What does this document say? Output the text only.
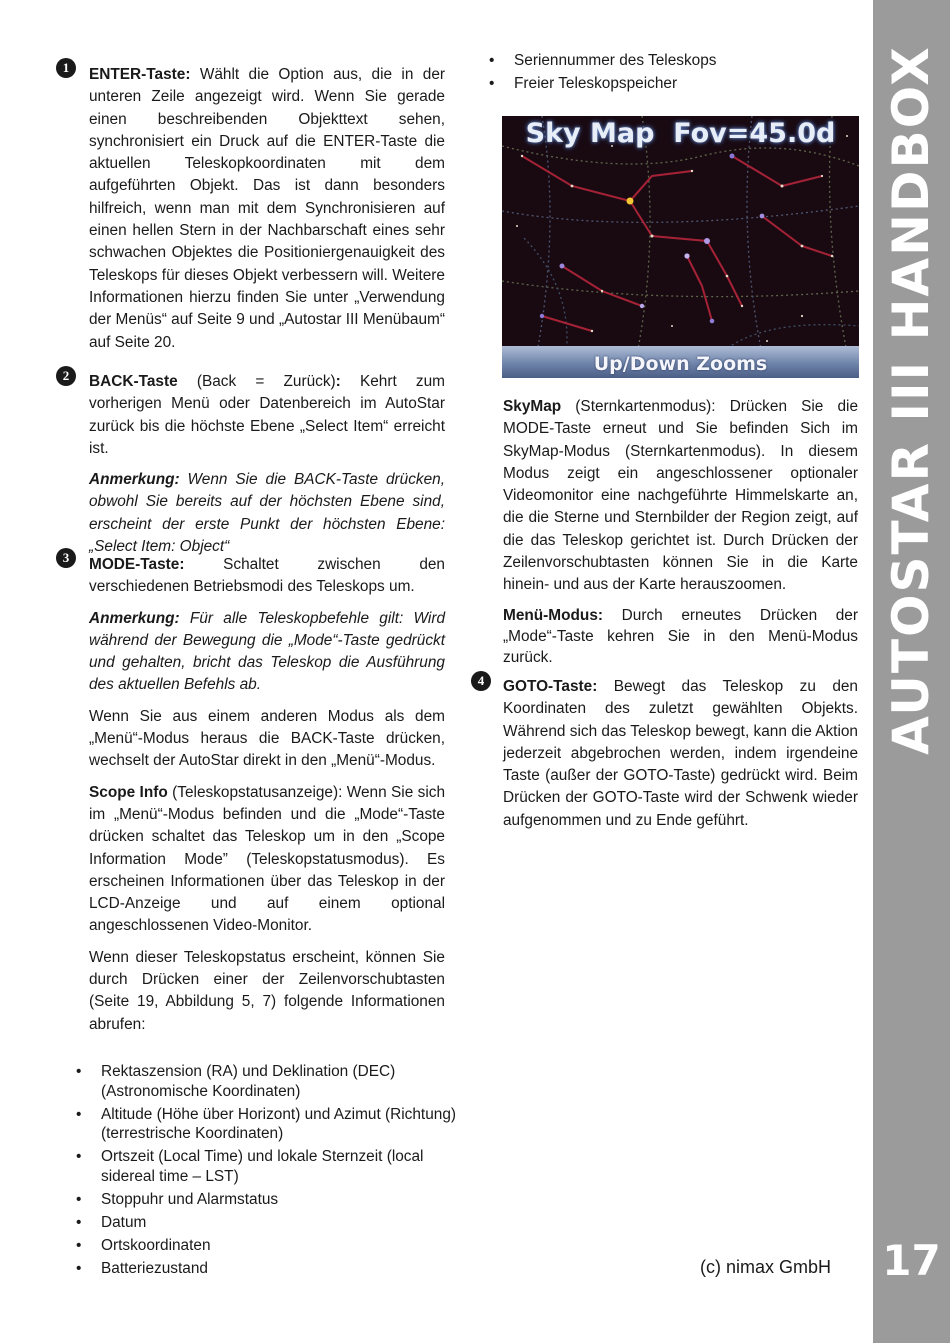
AUTOSTAR III HANDBOX
17
1	ENTER-Taste: Wählt die Option aus, die in der unteren Zeile angezeigt wird. Wenn Sie gerade einen beschreibenden Objekttext sehen, synchronisiert ein Druck auf die ENTER-Taste die aktuellen Teleskopkoordinaten mit dem aufgeführten Objekt. Das ist dann besonders hilfreich, wenn man mit dem Synchronisieren auf einen hellen Stern in der Nachbarschaft eines sehr schwachen Objektes die Positioniergenauigkeit des Teleskops für dieses Objekt verbessern will. Weitere Informationen hierzu finden Sie unter „Verwendung der Menüs“ auf Seite 9 und „Autostar III Menübaum“ auf Seite 20.

2	BACK-Taste (Back = Zurück): Kehrt zum vorherigen Menü oder Datenbereich im AutoStar zurück bis die höchste Ebene „Select Item“ erreicht ist.

Anmerkung: Wenn Sie die BACK-Taste drücken, obwohl Sie bereits auf der höchsten Ebene sind, erscheint der erste Punkt der höchsten Ebene: „Select Item: Object“

3	MODE-Taste:	Schaltet zwischen den verschiedenen Betriebsmodi des Teleskops um.

Anmerkung: Für alle Teleskopbefehle gilt: Wird während der Bewegung die „Mode“-Taste gedrückt und gehalten, bricht das Teleskop die Ausführung des aktuellen Befehls ab.

Wenn Sie aus einem anderen Modus als dem „Menü“-Modus heraus die BACK-Taste drücken, wechselt der AutoStar direkt in den „Menü“-Modus.

Scope Info (Teleskopstatusanzeige): Wenn Sie sich im „Menü“-Modus befinden und die „Mode“-Taste drücken schaltet das Teleskop um in den „Scope Information Mode” (Teleskopstatusmodus). Es erscheinen Informationen über das Teleskop in der LCD-Anzeige und auf einem optional angeschlossenen Video-Monitor.

Wenn dieser Teleskopstatus erscheint, können Sie durch Drücken einer der Zeilenvorschubtasten (Seite 19, Abbildung 5, 7) folgende Informationen abrufen:

• Rektaszension (RA) und Deklination (DEC) (Astronomische Koordinaten)
• Altitude (Höhe über Horizont) und Azimut (Richtung) (terrestrische Koordinaten)
• Ortszeit (Local Time) und lokale Sternzeit (local sidereal time – LST)
• Stoppuhr und Alarmstatus
• Datum
• Ortskoordinaten
• Batteriezustand
• Seriennummer des Teleskops
• Freier Teleskopspeicher
Sky Map  Fov=45.0d
Up/Down Zooms

SkyMap (Sternkartenmodus): Drücken Sie die MODE-Taste erneut und Sie befinden Sich im SkyMap-Modus (Sternkartenmodus). In diesem Modus zeigt ein angeschlossener optionaler Videomonitor eine nachgeführte Himmelskarte an, die die Sterne und Sternbilder der Region zeigt, auf die das Teleskop gerichtet ist. Durch Drücken der Zeilenvorschubtasten können Sie in die Karte hinein- und aus der Karte herauszoomen.

Menü-Modus: Durch erneutes Drücken der „Mode“-Taste kehren Sie in den Menü-Modus zurück.

4	GOTO-Taste: Bewegt das Teleskop zu den Koordinaten des zuletzt gewählten Objekts. Während sich das Teleskop bewegt, kann die Aktion jederzeit abgebrochen werden, indem irgendeine Taste (außer der GOTO-Taste) gedrückt wird. Beim Drücken der GOTO-Taste wird der Schwenk wieder aufgenommen und zu Ende geführt.

(c) nimax GmbH
